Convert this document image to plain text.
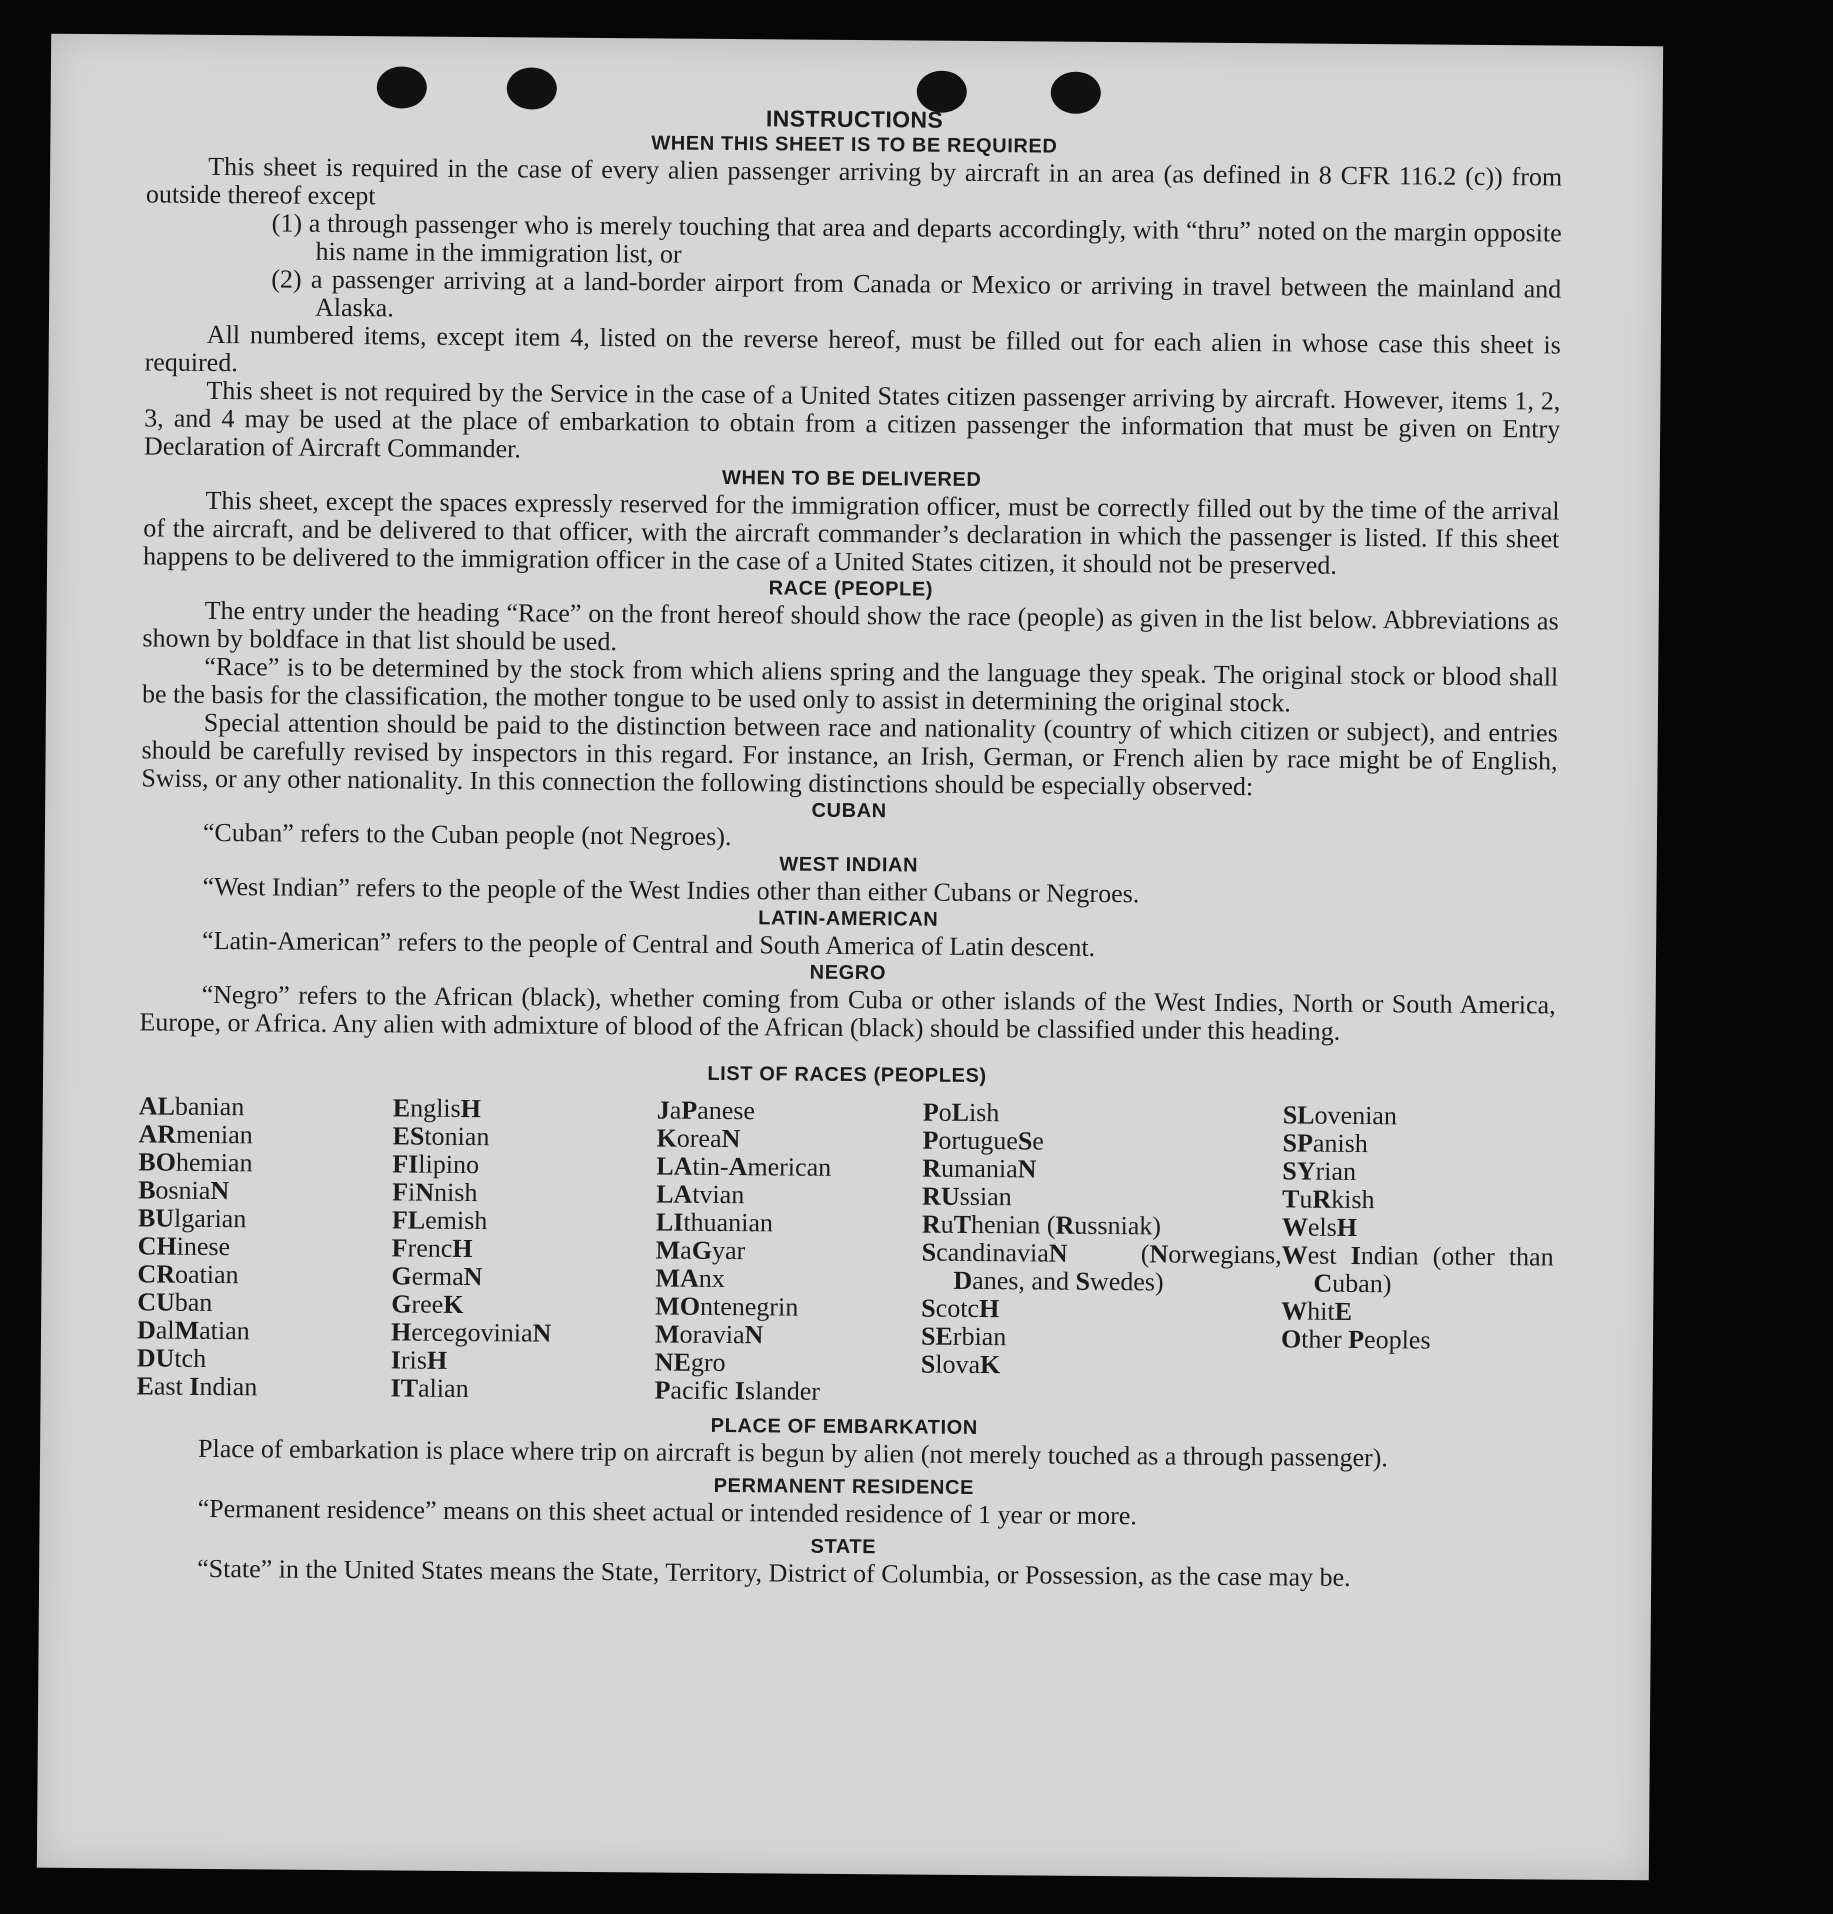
INSTRUCTIONS
WHEN THIS SHEET IS TO BE REQUIRED

This sheet is required in the case of every alien passenger arriving by aircraft in an area (as defined in 8 CFR 116.2 (c)) from outside thereof except

(1) a through passenger who is merely touching that area and departs accordingly, with “thru” noted on the margin opposite his name in the immigration list, or

(2) a passenger arriving at a land-border airport from Canada or Mexico or arriving in travel between the mainland and Alaska.

All numbered items, except item 4, listed on the reverse hereof, must be filled out for each alien in whose case this sheet is required.

This sheet is not required by the Service in the case of a United States citizen passenger arriving by aircraft. However, items 1, 2, 3, and 4 may be used at the place of embarkation to obtain from a citizen passenger the information that must be given on Entry Declaration of Aircraft Commander.

WHEN TO BE DELIVERED

This sheet, except the spaces expressly reserved for the immigration officer, must be correctly filled out by the time of the arrival of the aircraft, and be delivered to that officer, with the aircraft commander’s declaration in which the passenger is listed. If this sheet happens to be delivered to the immigration officer in the case of a United States citizen, it should not be preserved.

RACE (PEOPLE)

The entry under the heading “Race” on the front hereof should show the race (people) as given in the list below. Abbreviations as shown by boldface in that list should be used.

“Race” is to be determined by the stock from which aliens spring and the language they speak. The original stock or blood shall be the basis for the classification, the mother tongue to be used only to assist in determining the original stock.

Special attention should be paid to the distinction between race and nationality (country of which citizen or subject), and entries should be carefully revised by inspectors in this regard. For instance, an Irish, German, or French alien by race might be of English, Swiss, or any other nationality. In this connection the following distinctions should be especially observed:

CUBAN

“Cuban” refers to the Cuban people (not Negroes).

WEST INDIAN

“West Indian” refers to the people of the West Indies other than either Cubans or Negroes.

LATIN-AMERICAN

“Latin-American” refers to the people of Central and South America of Latin descent.

NEGRO

“Negro” refers to the African (black), whether coming from Cuba or other islands of the West Indies, North or South America, Europe, or Africa. Any alien with admixture of blood of the African (black) should be classified under this heading.

LIST OF RACES (PEOPLES)
ALbanian
ARmenian
BOhemian
BosniaN
BUlgarian
CHinese
CRoatian
CUban
DalMatian
DUtch
East Indian
EnglisH
EStonian
FIlipino
FiNnish
FLemish
FrencH
GermaN
GreeK
HercegoviniaN
IrisH
ITalian
JaPanese
KoreaN
LAtin-American
LAtvian
LIthuanian
MaGyar
MAnx
MOntenegrin
MoraviaN
NEgro
Pacific Islander
PoLish
PortugueSe
RumaniaN
RUssian
RuThenian (Russniak)
ScandinaviaN	(Norwegians, Danes, and Swedes)
ScotcH
SErbian
SlovaK
SLovenian
SPanish
SYrian
TuRkish
WelsH
West Indian (other than Cuban)
WhitE
Other Peoples
PLACE OF EMBARKATION

Place of embarkation is place where trip on aircraft is begun by alien (not merely touched as a through passenger).

PERMANENT RESIDENCE

“Permanent residence” means on this sheet actual or intended residence of 1 year or more.

STATE

“State” in the United States means the State, Territory, District of Columbia, or Possession, as the case may be.
